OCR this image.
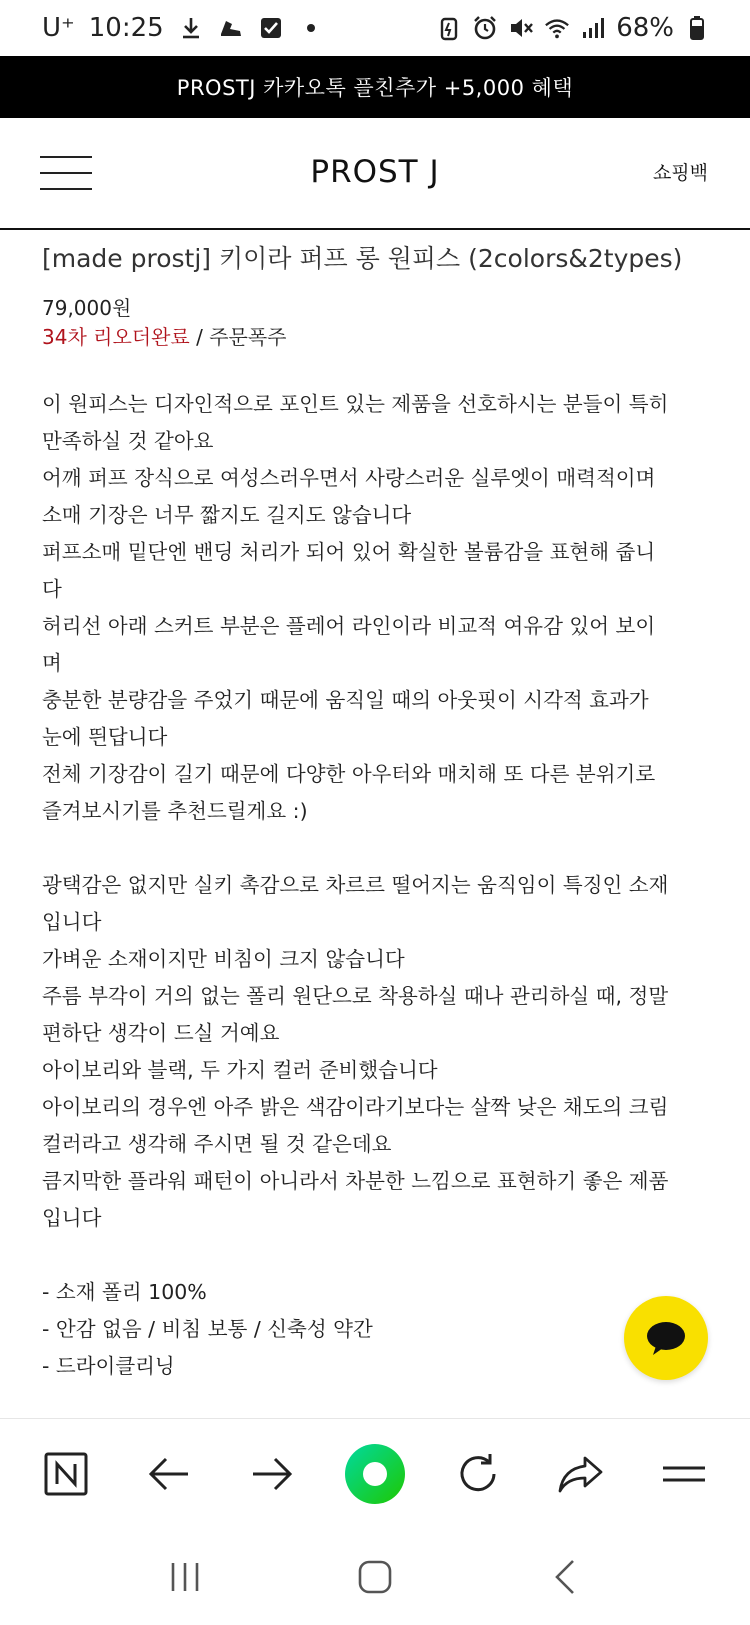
U⁺ 10:25	68%
PROSTJ 카카오톡 플친추가 +5,000 혜택
PROST J	쇼핑백
[made prostj] 키이라 퍼프 롱 원피스 (2colors&2types)
79,000원
34차 리오더완료 / 주문폭주

이 원피스는 디자인적으로 포인트 있는 제품을 선호하시는 분들이 특히

만족하실 것 같아요

어깨 퍼프 장식으로 여성스러우면서 사랑스러운 실루엣이 매력적이며

소매 기장은 너무 짧지도 길지도 않습니다

퍼프소매 밑단엔 밴딩 처리가 되어 있어 확실한 볼륨감을 표현해 줍니

다

허리선 아래 스커트 부분은 플레어 라인이라 비교적 여유감 있어 보이

며

충분한 분량감을 주었기 때문에 움직일 때의 아웃핏이 시각적 효과가

눈에 띈답니다

전체 기장감이 길기 때문에 다양한 아우터와 매치해 또 다른 분위기로

즐겨보시기를 추천드릴게요 :)

광택감은 없지만 실키 촉감으로 차르르 떨어지는 움직임이 특징인 소재

입니다

가벼운 소재이지만 비침이 크지 않습니다

주름 부각이 거의 없는 폴리 원단으로 착용하실 때나 관리하실 때, 정말

편하단 생각이 드실 거예요

아이보리와 블랙, 두 가지 컬러 준비했습니다

아이보리의 경우엔 아주 밝은 색감이라기보다는 살짝 낮은 채도의 크림

컬러라고 생각해 주시면 될 것 같은데요

큼지막한 플라워 패턴이 아니라서 차분한 느낌으로 표현하기 좋은 제품

입니다

- 소재 폴리 100%

- 안감 없음 / 비침 보통 / 신축성 약간

- 드라이클리닝
